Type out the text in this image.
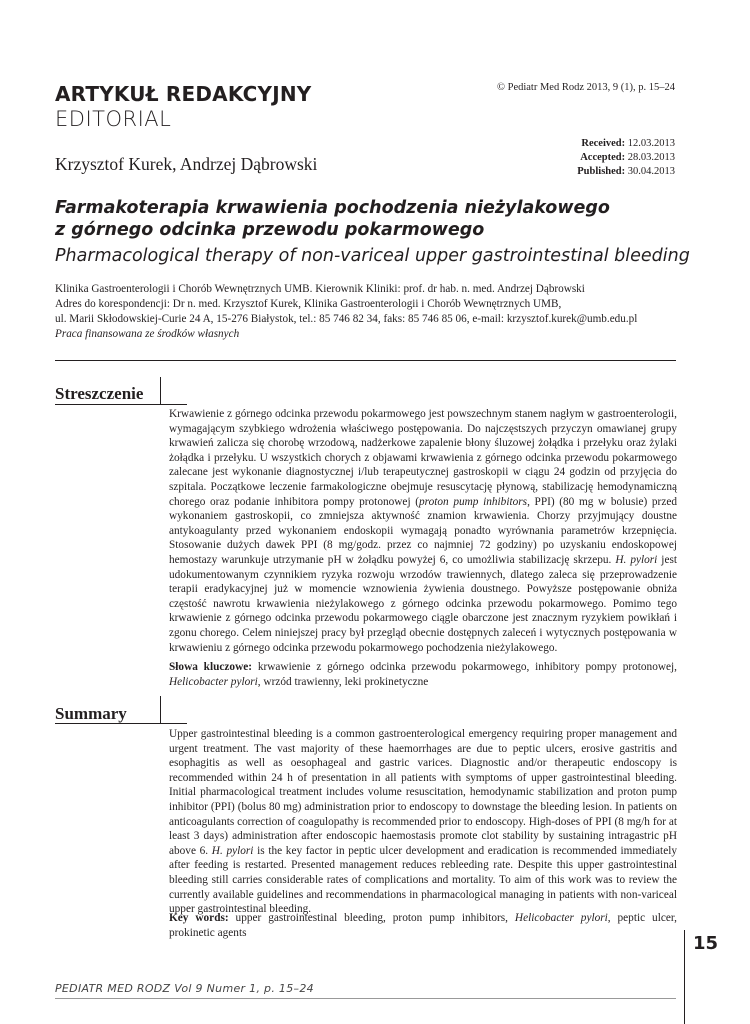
ARTYKUŁ REDAKCYJNY
EDITORIAL
© Pediatr Med Rodz 2013, 9 (1), p. 15–24
Received: 12.03.2013
Accepted: 28.03.2013
Published: 30.04.2013
Krzysztof Kurek, Andrzej Dąbrowski
Farmakoterapia krwawienia pochodzenia nieżylakowego
z górnego odcinka przewodu pokarmowego
Pharmacological therapy of non-variceal upper gastrointestinal bleeding
Klinika Gastroenterologii i Chorób Wewnętrznych UMB. Kierownik Kliniki: prof. dr hab. n. med. Andrzej Dąbrowski
Adres do korespondencji: Dr n. med. Krzysztof Kurek, Klinika Gastroenterologii i Chorób Wewnętrznych UMB,
ul. Marii Skłodowskiej-Curie 24 A, 15-276 Białystok, tel.: 85 746 82 34, faks: 85 746 85 06, e-mail: krzysztof.kurek@umb.edu.pl
Praca finansowana ze środków własnych
Streszczenie
Krwawienie z górnego odcinka przewodu pokarmowego jest powszechnym stanem nagłym w gastroenterologii, wymagającym szybkiego wdrożenia właściwego postępowania. Do najczęstszych przyczyn omawianej grupy krwawień zalicza się chorobę wrzodową, nadżerkowe zapalenie błony śluzowej żołądka i przełyku oraz żylaki żołądka i przełyku. U wszystkich chorych z objawami krwawienia z górnego odcinka przewodu pokarmowego zalecane jest wykonanie diagnostycznej i/lub terapeutycznej gastroskopii w ciągu 24 godzin od przyjęcia do szpitala. Początkowe leczenie farmakologiczne obejmuje resuscytację płynową, stabilizację hemodynamiczną chorego oraz podanie inhibitora pompy protonowej (proton pump inhibitors, PPI) (80 mg w bolusie) przed wykonaniem gastroskopii, co zmniejsza aktywność znamion krwawienia. Chorzy przyjmujący doustne antykoagulanty przed wykonaniem endoskopii wymagają ponadto wyrównania parametrów krzepnięcia. Stosowanie dużych dawek PPI (8 mg/godz. przez co najmniej 72 godziny) po uzyskaniu endoskopowej hemostazy warunkuje utrzymanie pH w żołądku powyżej 6, co umożliwia stabilizację skrzepu. H. pylori jest udokumentowanym czynnikiem ryzyka rozwoju wrzodów trawiennych, dlatego zaleca się przeprowadzenie terapii eradykacyjnej już w momencie wznowienia żywienia doustnego. Powyższe postępowanie obniża częstość nawrotu krwawienia nieżylakowego z górnego odcinka przewodu pokarmowego. Pomimo tego krwawienie z górnego odcinka przewodu pokarmowego ciągle obarczone jest znacznym ryzykiem powikłań i zgonu chorego. Celem niniejszej pracy był przegląd obecnie dostępnych zaleceń i wytycznych postępowania w krwawieniu z górnego odcinka przewodu pokarmowego pochodzenia nieżylakowego.
Słowa kluczowe: krwawienie z górnego odcinka przewodu pokarmowego, inhibitory pompy protonowej, Helicobacter pylori, wrzód trawienny, leki prokinetyczne
Summary
Upper gastrointestinal bleeding is a common gastroenterological emergency requiring proper management and urgent treatment. The vast majority of these haemorrhages are due to peptic ulcers, erosive gastritis and esophagitis as well as oesophageal and gastric varices. Diagnostic and/or therapeutic endoscopy is recommended within 24 h of presentation in all patients with symptoms of upper gastrointestinal bleeding. Initial pharmacological treatment includes volume resuscitation, hemodynamic stabilization and proton pump inhibitor (PPI) (bolus 80 mg) administration prior to endoscopy to downstage the bleeding lesion. In patients on anticoagulants correction of coagulopathy is recommended prior to endoscopy. High-doses of PPI (8 mg/h for at least 3 days) administration after endoscopic haemostasis promote clot stability by sustaining intragastric pH above 6. H. pylori is the key factor in peptic ulcer development and eradication is recommended immediately after feeding is restarted. Presented management reduces rebleeding rate. Despite this upper gastrointestinal bleeding still carries considerable rates of complications and mortality. To aim of this work was to review the currently available guidelines and recommendations in pharmacological managing in patients with non-variceal upper gastrointestinal bleeding.
Key words: upper gastrointestinal bleeding, proton pump inhibitors, Helicobacter pylori, peptic ulcer, prokinetic agents
15
PEDIATR MED RODZ Vol 9 Numer 1, p. 15–24
